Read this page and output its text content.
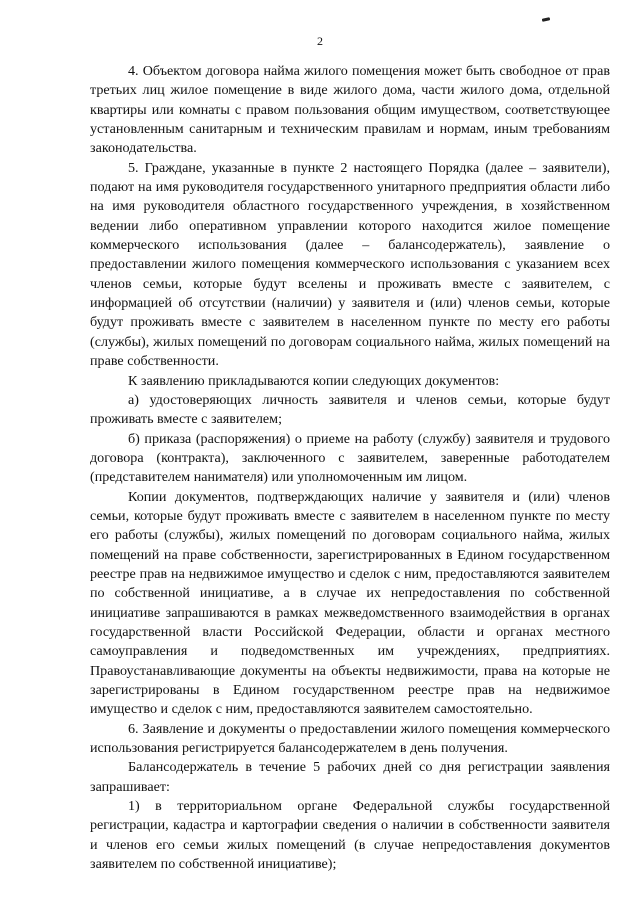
2

4. Объектом договора найма жилого помещения может быть свободное от прав третьих лиц жилое помещение в виде жилого дома, части жилого дома, отдельной квартиры или комнаты с правом пользования общим имуществом, соответствующее установленным санитарным и техническим правилам и нормам, иным требованиям законодательства.

5. Граждане, указанные в пункте 2 настоящего Порядка (далее – заявители), подают на имя руководителя государственного унитарного предприятия области либо на имя руководителя областного государственного учреждения, в хозяйственном ведении либо оперативном управлении которого находится жилое помещение коммерческого использования (далее – балансодержатель), заявление о предоставлении жилого помещения коммерческого использования с указанием всех членов семьи, которые будут вселены и проживать вместе с заявителем, с информацией об отсутствии (наличии) у заявителя и (или) членов семьи, которые будут проживать вместе с заявителем в населенном пункте по месту его работы (службы), жилых помещений по договорам социального найма, жилых помещений на праве собственности.

К заявлению прикладываются копии следующих документов:

а) удостоверяющих личность заявителя и членов семьи, которые будут проживать вместе с заявителем;

б) приказа (распоряжения) о приеме на работу (службу) заявителя и трудового договора (контракта), заключенного с заявителем, заверенные работодателем (представителем нанимателя) или уполномоченным им лицом.

Копии документов, подтверждающих наличие у заявителя и (или) членов семьи, которые будут проживать вместе с заявителем в населенном пункте по месту его работы (службы), жилых помещений по договорам социального найма, жилых помещений на праве собственности, зарегистрированных в Едином государственном реестре прав на недвижимое имущество и сделок с ним, предоставляются заявителем по собственной инициативе, а в случае их непредоставления по собственной инициативе запрашиваются в рамках межведомственного взаимодействия в органах государственной власти Российской Федерации, области и органах местного самоуправления и подведомственных им учреждениях, предприятиях. Правоустанавливающие документы на объекты недвижимости, права на которые не зарегистрированы в Едином государственном реестре прав на недвижимое имущество и сделок с ним, предоставляются заявителем самостоятельно.

6. Заявление и документы о предоставлении жилого помещения коммерческого использования регистрируется балансодержателем в день получения.

Балансодержатель в течение 5 рабочих дней со дня регистрации заявления запрашивает:

1) в территориальном органе Федеральной службы государственной регистрации, кадастра и картографии сведения о наличии в собственности заявителя и членов его семьи жилых помещений (в случае непредоставления документов заявителем по собственной инициативе);
